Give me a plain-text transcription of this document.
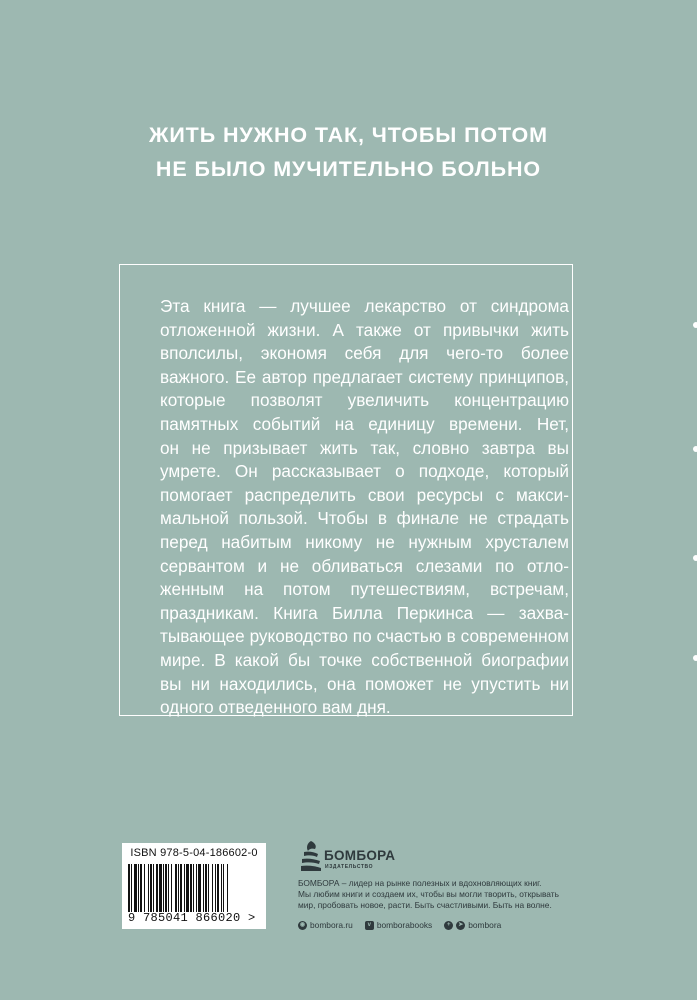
ЖИТЬ НУЖНО ТАК, ЧТОБЫ ПОТОМ
НЕ БЫЛО МУЧИТЕЛЬНО БОЛЬНО
Эта книга — лучшее лекарство от синдрома
отложенной жизни. А также от привычки жить
вполсилы, экономя себя для чего-то более
важного. Ее автор предлагает систему принципов,
которые позволят увеличить концентрацию
памятных событий на единицу времени. Нет,
он не призывает жить так, словно завтра вы
умрете. Он рассказывает о подходе, который
помогает распределить свои ресурсы с макси-
мальной пользой. Чтобы в финале не страдать
перед набитым никому не нужным хрусталем
сервантом и не обливаться слезами по отло-
женным на потом путешествиям, встречам,
праздникам. Книга Билла Перкинса — захва-
тывающее руководство по счастью в современном
мире. В какой бы точке собственной биографии
вы ни находились, она поможет не упустить ни
одного отведенного вам дня.
ISBN 978-5-04-186602-0
9 785041 866020 >
БОМБОРА
ИЗДАТЕЛЬСТВО
БОМБОРА – лидер на рынке полезных и вдохновляющих книг.
Мы любим книги и создаем их, чтобы вы могли творить, открывать
мир, пробовать новое, расти. Быть счастливыми. Быть на волне.
◉ bombora.ru	v bomborabooks	+	➤ bombora
